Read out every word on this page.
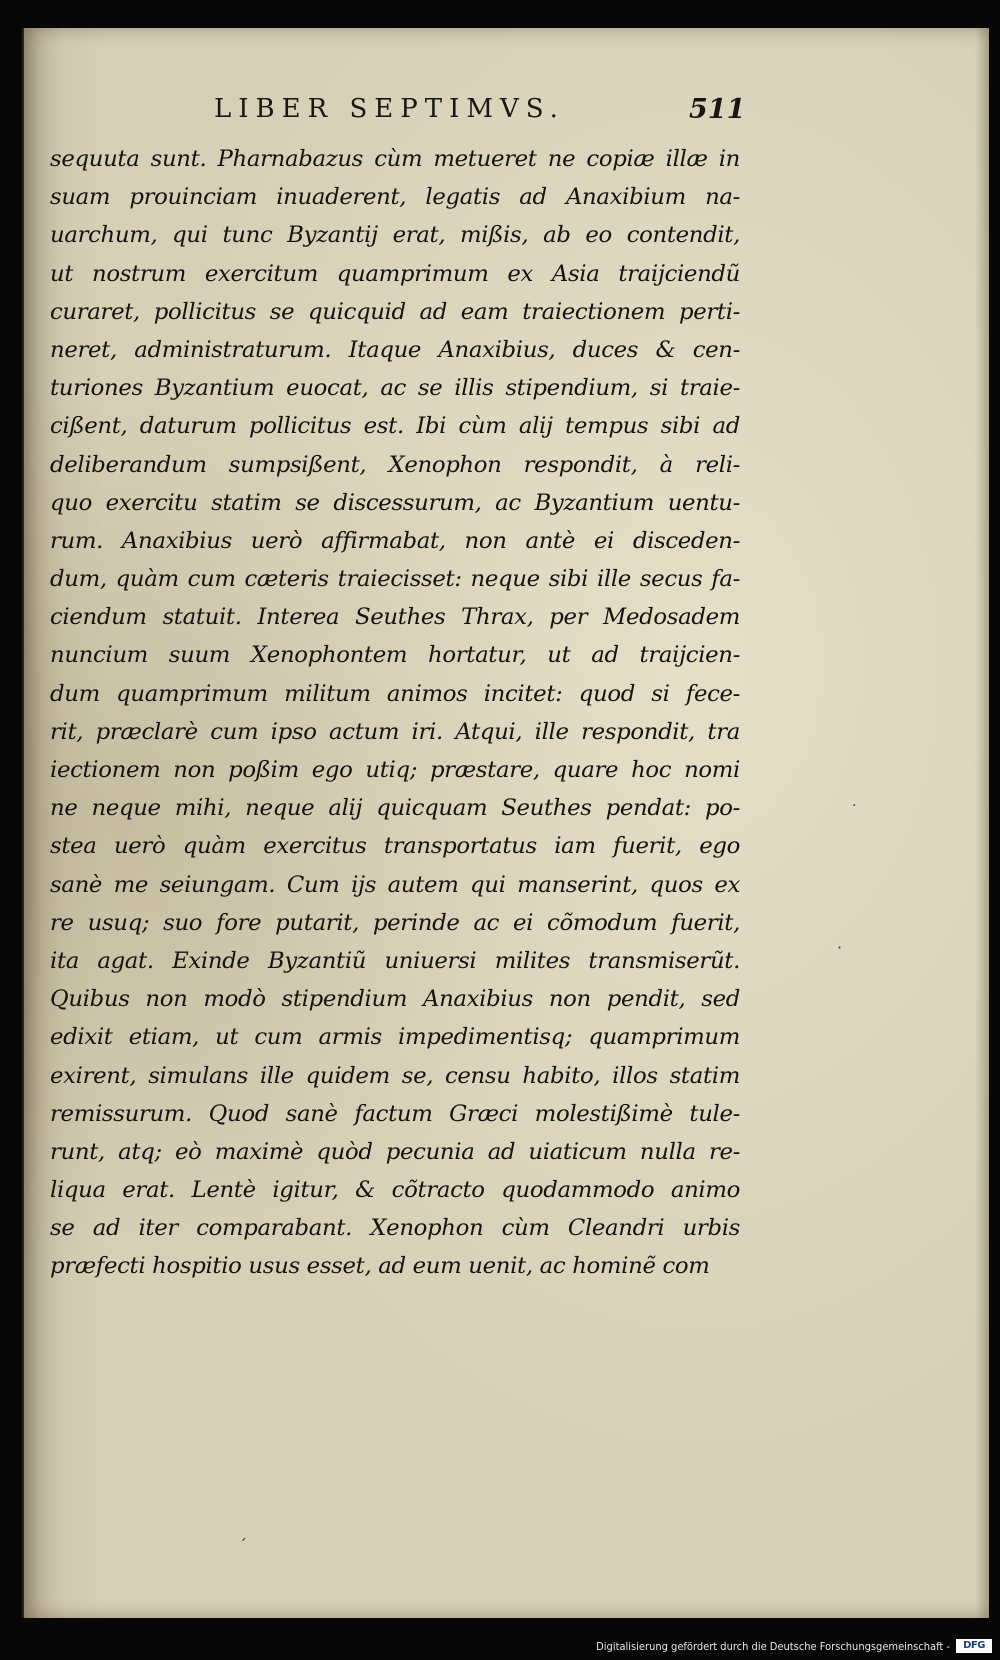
LIBER SEPTIMVS.	511
sequuta sunt. Pharnabazus cùm metueret ne copiæ illæ in
suam prouinciam inuaderent, legatis ad Anaxibium na-
uarchum, qui tunc Byzantij erat, mißis, ab eo contendit,
ut nostrum exercitum quamprimum ex Asia traijciendũ
curaret, pollicitus se quicquid ad eam traiectionem perti-
neret, administraturum. Itaque Anaxibius, duces & cen-
turiones Byzantium euocat, ac se illis stipendium, si traie-
cißent, daturum pollicitus est. Ibi cùm alij tempus sibi ad
deliberandum sumpsißent, Xenophon respondit, à reli-
quo exercitu statim se discessurum, ac Byzantium uentu-
rum. Anaxibius uerò affirmabat, non antè ei disceden-
dum, quàm cum cæteris traiecisset: neque sibi ille secus fa-
ciendum statuit. Interea Seuthes Thrax, per Medosadem
nuncium suum Xenophontem hortatur, ut ad traijcien-
dum quamprimum militum animos incitet: quod si fece-
rit, præclarè cum ipso actum iri. Atqui, ille respondit, tra
iectionem non poßim ego utiq; præstare, quare hoc nomi
ne neque mihi, neque alij quicquam Seuthes pendat: po-
stea uerò quàm exercitus transportatus iam fuerit, ego
sanè me seiungam. Cum ijs autem qui manserint, quos ex
re usuq; suo fore putarit, perinde ac ei cõmodum fuerit,
ita agat. Exinde Byzantiũ uniuersi milites transmiserũt.
Quibus non modò stipendium Anaxibius non pendit, sed
edixit etiam, ut cum armis impedimentisq; quamprimum
exirent, simulans ille quidem se, censu habito, illos statim
remissurum. Quod sanè factum Græci molestißimè tule-
runt, atq; eò maximè quòd pecunia ad uiaticum nulla re-
liqua erat. Lentè igitur, & cõtracto quodammodo animo
se ad iter comparabant. Xenophon cùm Cleandri urbis
præfecti hospitio usus esset, ad eum uenit, ac hominẽ com
·
·
ˊ
Digitalisierung gefördert durch die Deutsche Forschungsgemeinschaft -	DFG
